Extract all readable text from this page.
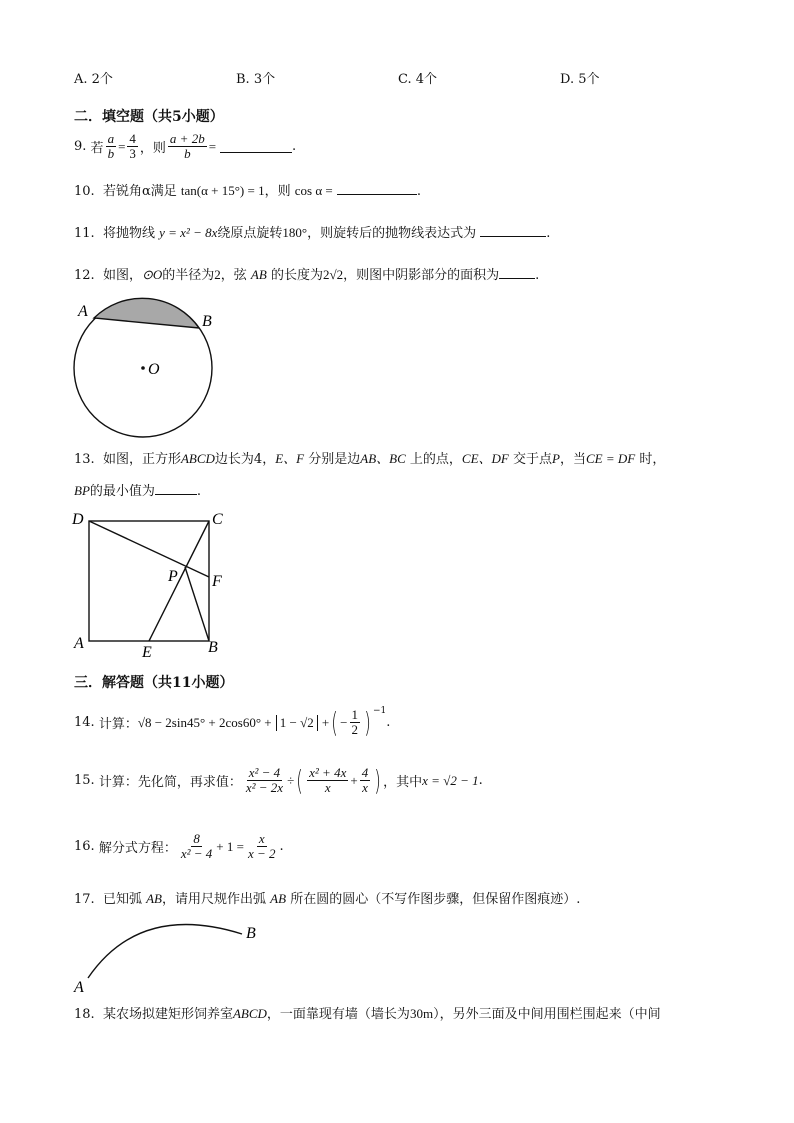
A. 2个	B. 3个	C. 4个	D. 5个
二．填空题（共5小题）
9.
若 $\frac{a}{b} = \frac{4}{3}$ ，则 $\frac{a + 2b}{b}$ =	.
10. 若锐角α满足 tan(α + 15°) = 1，则 cos α =	.
11. 将抛物线 y = x² − 8x绕原点旋转180°，则旋转后的抛物线表达式为	.
12. 如图，⊙O的半径为2，弦 AB 的长度为2√2，则图中阴影部分的面积为	.
A
B
O
13. 如图，正方形ABCD边长为4，E、F 分别是边AB、BC 上的点，CE、DF 交于点P，当CE = DF 时，
BP的最小值为	.
D	C
P F
A	B
E
三．解答题（共11小题）
14.
计算： √8 − 2sin45° + 2cos60° +
1 − √2
+ ( − $\frac{1}{2} )^{-1}$
.
15.
计算：先化简，再求值： $\frac{\text{x² − 4}}{\text{x² − 2x}}$ ÷ ( $\frac{\text{x² + 4x}}{x} + \frac{4}{x}$ ) ，其中 x = √2 − 1 .
16.
解分式方程： $\frac{8}{\text{x² − 4}} + 1 = \frac{x}{x - 2}$ .
17. 已知弧 AB，请用尺规作出弧 AB 所在圆的圆心（不写作图步骤，但保留作图痕迹）.
A
B
18. 某农场拟建矩形饲养室ABCD，一面靠现有墙（墙长为30m），另外三面及中间用围栏围起来（中间
